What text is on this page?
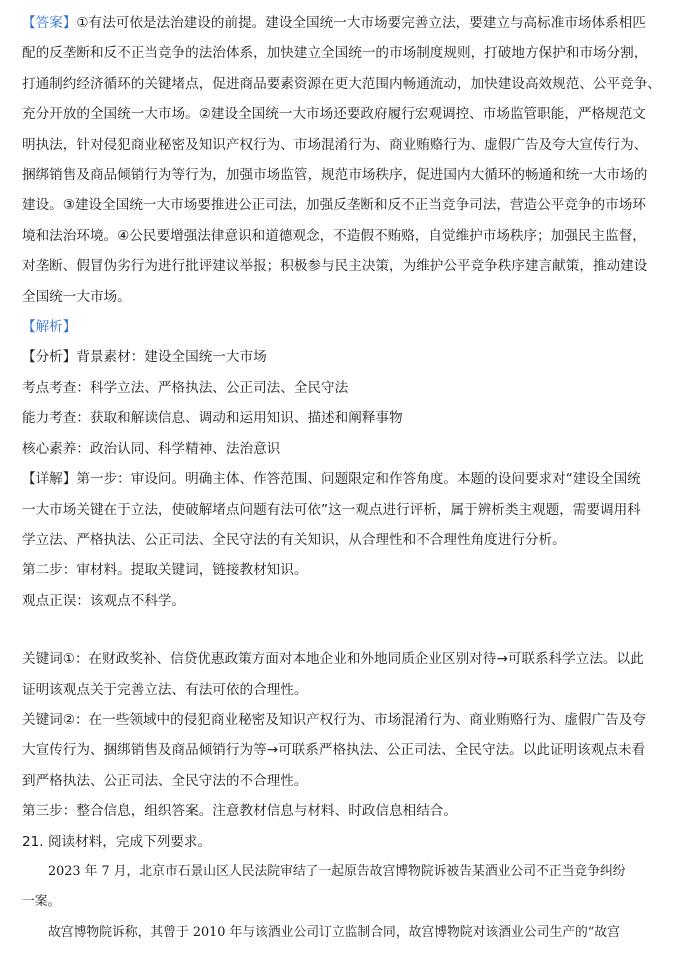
【答案】①有法可依是法治建设的前提。建设全国统一大市场要完善立法，要建立与高标准市场体系相匹
配的反垄断和反不正当竞争的法治体系，加快建立全国统一的市场制度规则，打破地方保护和市场分割，
打通制约经济循环的关键堵点，促进商品要素资源在更大范围内畅通流动，加快建设高效规范、公平竞争、
充分开放的全国统一大市场。②建设全国统一大市场还要政府履行宏观调控、市场监管职能，严格规范文
明执法，针对侵犯商业秘密及知识产权行为、市场混淆行为、商业贿赂行为、虚假广告及夸大宣传行为、
捆绑销售及商品倾销行为等行为，加强市场监管，规范市场秩序，促进国内大循环的畅通和统一大市场的
建设。③建设全国统一大市场要推进公正司法，加强反垄断和反不正当竞争司法，营造公平竞争的市场环
境和法治环境。④公民要增强法律意识和道德观念，不造假不贿赂，自觉维护市场秩序；加强民主监督，
对垄断、假冒伪劣行为进行批评建议举报；积极参与民主决策，为维护公平竞争秩序建言献策，推动建设
全国统一大市场。
【解析】
【分析】背景素材：建设全国统一大市场
考点考查：科学立法、严格执法、公正司法、全民守法
能力考查：获取和解读信息、调动和运用知识、描述和阐释事物
核心素养：政治认同、科学精神、法治意识
【详解】第一步：审设问。明确主体、作答范围、问题限定和作答角度。本题的设问要求对“建设全国统
一大市场关键在于立法，使破解堵点问题有法可依”这一观点进行评析，属于辨析类主观题，需要调用科
学立法、严格执法、公正司法、全民守法的有关知识，从合理性和不合理性角度进行分析。
第二步：审材料。提取关键词，链接教材知识。
观点正误：该观点不科学。
关键词①：在财政奖补、信贷优惠政策方面对本地企业和外地同质企业区别对待→可联系科学立法。以此
证明该观点关于完善立法、有法可依的合理性。
关键词②：在一些领域中的侵犯商业秘密及知识产权行为、市场混淆行为、商业贿赂行为、虚假广告及夸
大宣传行为、捆绑销售及商品倾销行为等→可联系严格执法、公正司法、全民守法。以此证明该观点未看
到严格执法、公正司法、全民守法的不合理性。
第三步：整合信息，组织答案。注意教材信息与材料、时政信息相结合。
21. 阅读材料，完成下列要求。
2023 年 7 月，北京市石景山区人民法院审结了一起原告故宫博物院诉被告某酒业公司不正当竞争纠纷
一案。
故宫博物院诉称，其曾于 2010 年与该酒业公司订立监制合同，故宫博物院对该酒业公司生产的“故宫
